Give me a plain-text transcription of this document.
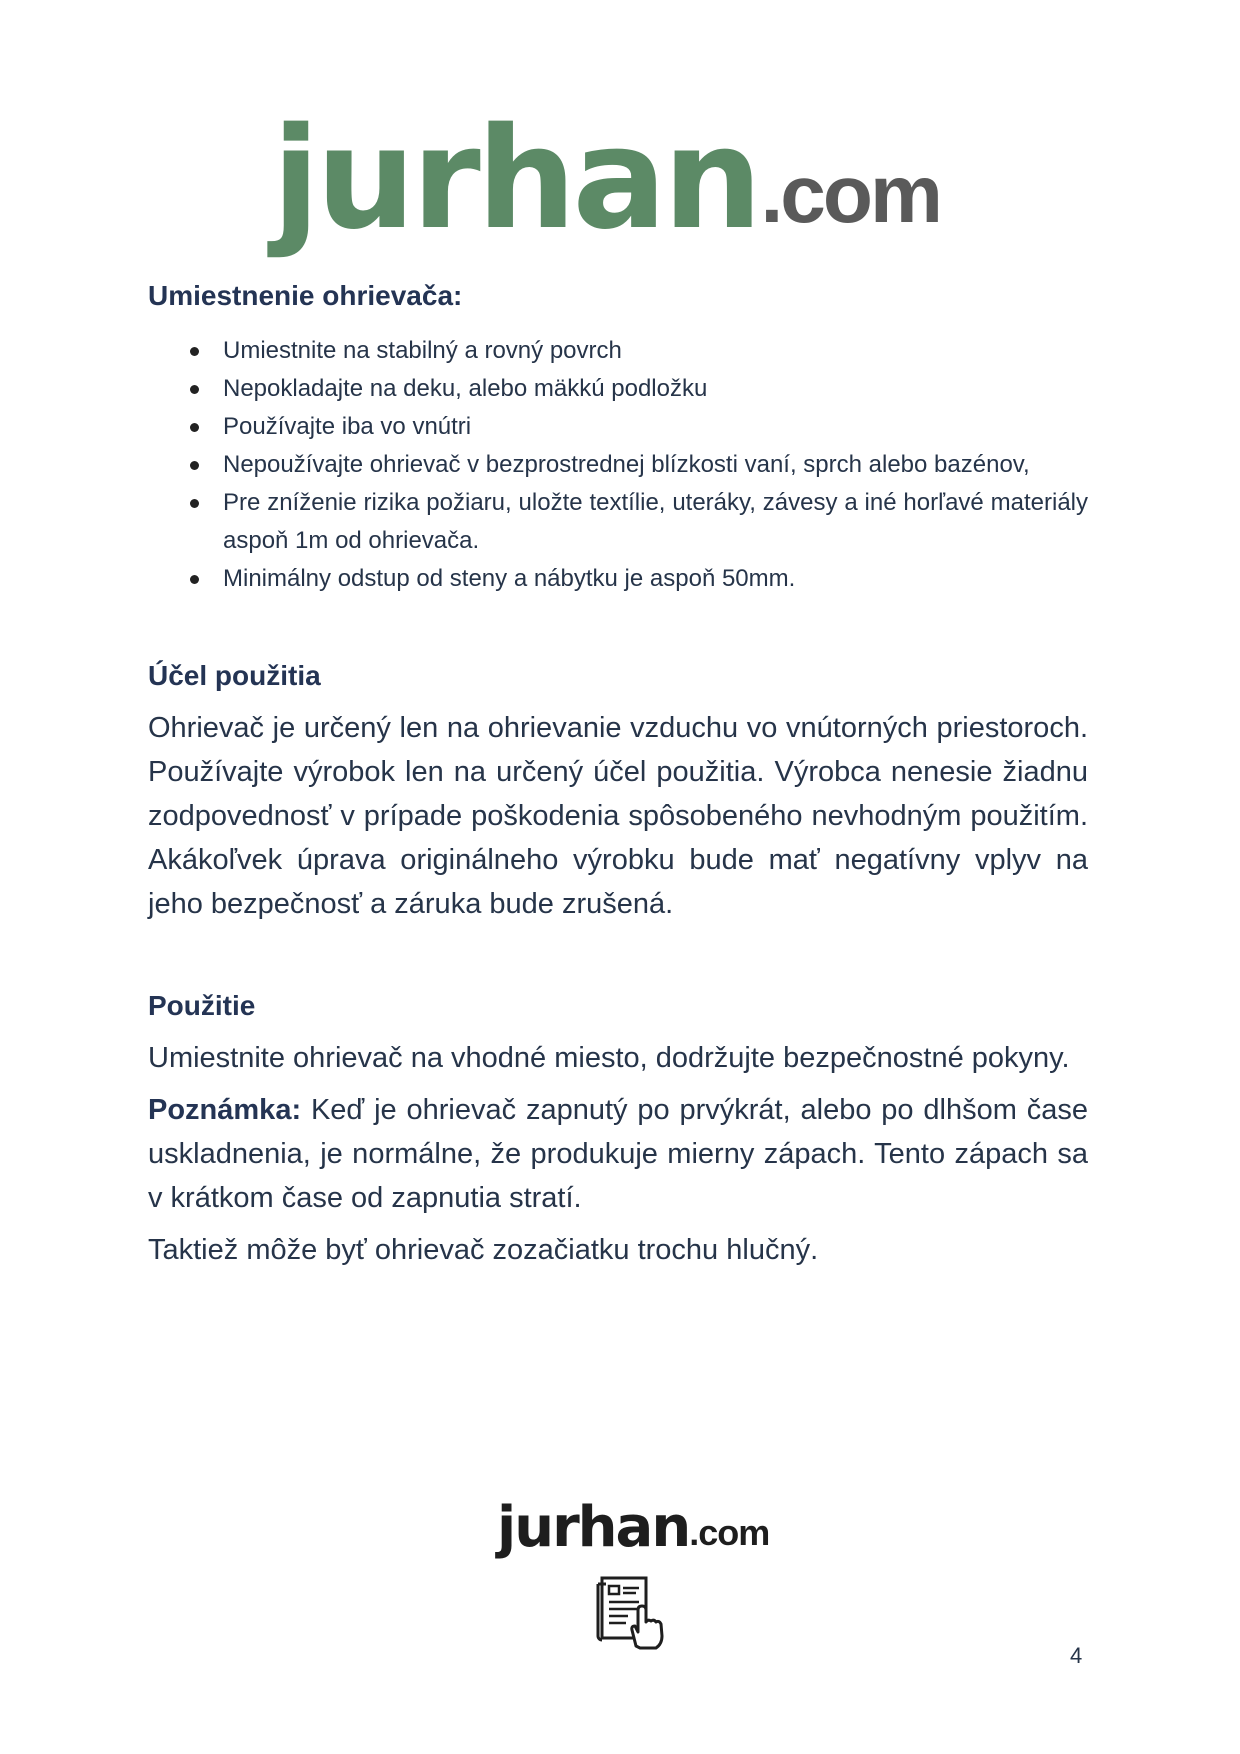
jurhan .com
Umiestnenie ohrievača:
Umiestnite na stabilný a rovný povrch
Nepokladajte na deku, alebo mäkkú podložku
Používajte iba vo vnútri
Nepoužívajte ohrievač v bezprostrednej blízkosti vaní, sprch alebo bazénov,
Pre zníženie rizika požiaru, uložte textílie, uteráky, závesy a iné horľavé materiály aspoň 1m od ohrievača.
Minimálny odstup od steny a nábytku je aspoň 50mm.
Účel použitia

Ohrievač je určený len na ohrievanie vzduchu vo vnútorných priestoroch. Používajte výrobok len na určený účel použitia. Výrobca nenesie žiadnu zodpovednosť v prípade poškodenia spôsobeného nevhodným použitím. Akákoľvek úprava originálneho výrobku bude mať negatívny vplyv na jeho bezpečnosť a záruka bude zrušená.

Použitie

Umiestnite ohrievač na vhodné miesto, dodržujte bezpečnostné pokyny.

Poznámka: Keď je ohrievač zapnutý po prvýkrát, alebo po dlhšom čase uskladnenia, je normálne, že produkuje mierny zápach. Tento zápach sa v krátkom čase od zapnutia stratí.

Taktiež môže byť ohrievač zozačiatku trochu hlučný.

jurhan .com
4
